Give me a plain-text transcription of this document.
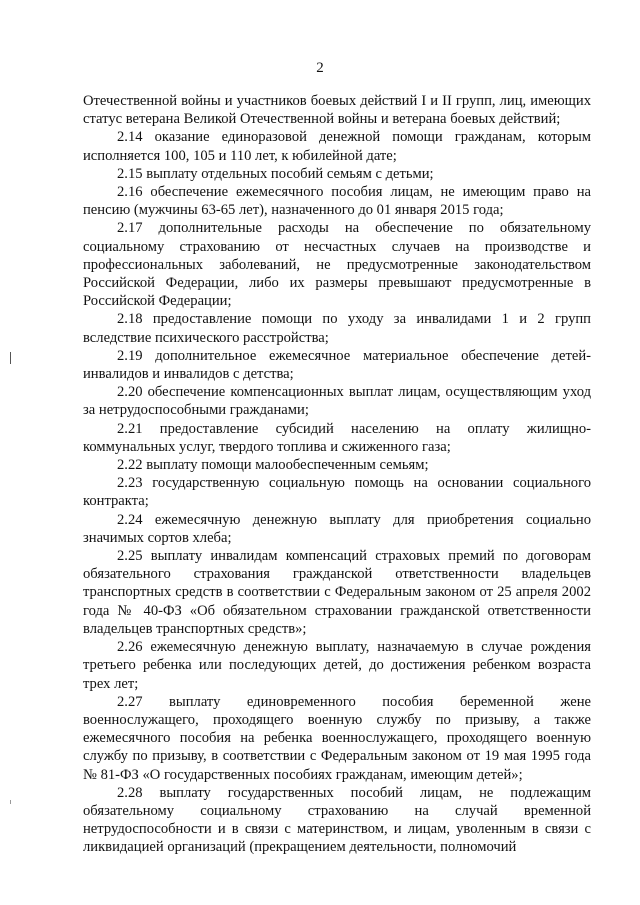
2

Отечественной войны и участников боевых действий I и II групп, лиц, имеющих статус ветерана Великой Отечественной войны и ветерана боевых действий;

2.14 оказание единоразовой денежной помощи гражданам, которым исполняется 100, 105 и 110 лет, к юбилейной дате;

2.15 выплату отдельных пособий семьям с детьми;

2.16 обеспечение ежемесячного пособия лицам, не имеющим право на пенсию (мужчины 63-65 лет), назначенного до 01 января 2015 года;

2.17 дополнительные расходы на обеспечение по обязательному социальному страхованию от несчастных случаев на производстве и профессиональных заболеваний, не предусмотренные законодательством Российской Федерации, либо их размеры превышают предусмотренные в Российской Федерации;

2.18 предоставление помощи по уходу за инвалидами 1 и 2 групп вследствие психического расстройства;

2.19 дополнительное ежемесячное материальное обеспечение детей-инвалидов и инвалидов с детства;

2.20 обеспечение компенсационных выплат лицам, осуществляющим уход за нетрудоспособными гражданами;

2.21 предоставление субсидий населению на оплату жилищно-коммунальных услуг, твердого топлива и сжиженного газа;

2.22 выплату помощи малообеспеченным семьям;

2.23 государственную социальную помощь на основании социального контракта;

2.24 ежемесячную денежную выплату для приобретения социально значимых сортов хлеба;

2.25 выплату инвалидам компенсаций страховых премий по договорам обязательного страхования гражданской ответственности владельцев транспортных средств в соответствии с Федеральным законом от 25 апреля 2002 года № 40-ФЗ «Об обязательном страховании гражданской ответственности владельцев транспортных средств»;

2.26 ежемесячную денежную выплату, назначаемую в случае рождения третьего ребенка или последующих детей, до достижения ребенком возраста трех лет;

2.27 выплату единовременного пособия беременной жене военнослужащего, проходящего военную службу по призыву, а также ежемесячного пособия на ребенка военнослужащего, проходящего военную службу по призыву, в соответствии с Федеральным законом от 19 мая 1995 года № 81-ФЗ «О государственных пособиях гражданам, имеющим детей»;

2.28 выплату государственных пособий лицам, не подлежащим обязательному социальному страхованию на случай временной нетрудоспособности и в связи с материнством, и лицам, уволенным в связи с ликвидацией организаций (прекращением деятельности, полномочий
